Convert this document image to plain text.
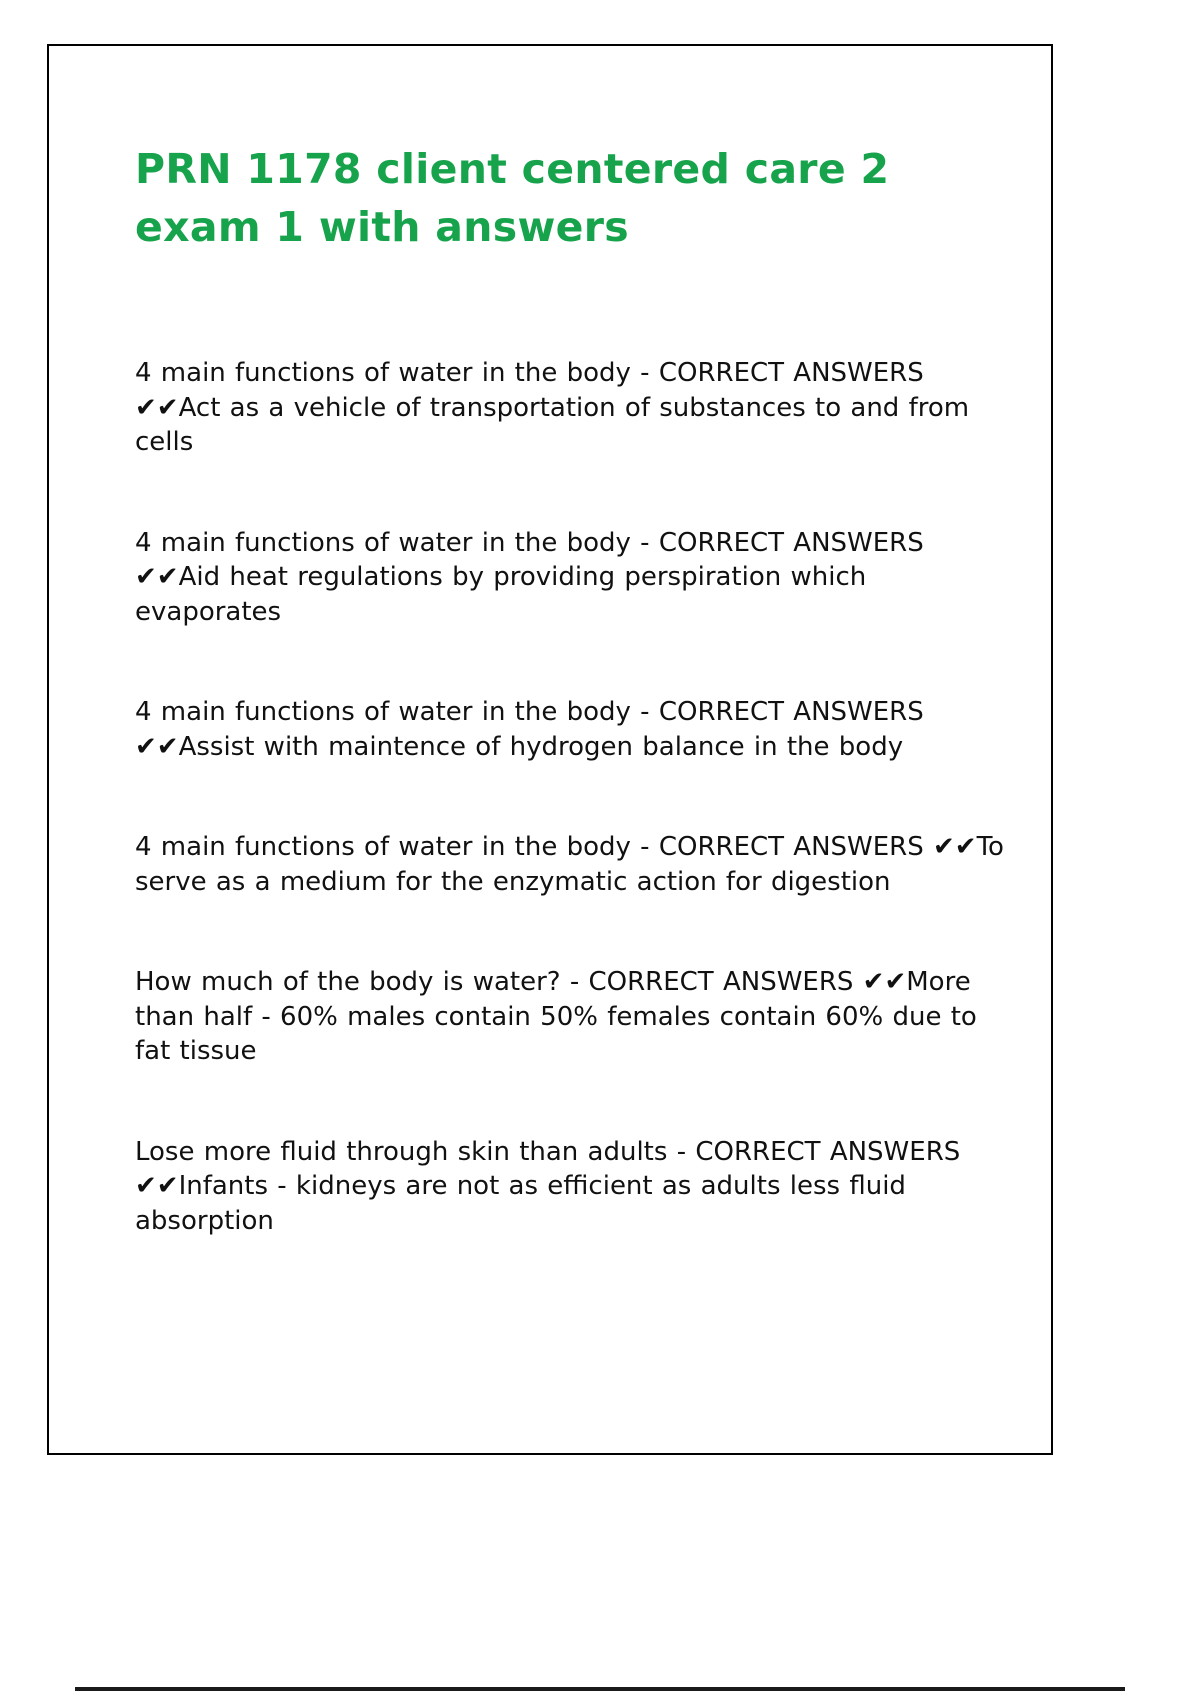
PRN 1178 client centered care 2
exam 1 with answers

4 main functions of water in the body - CORRECT ANSWERS ✔✔Act as a vehicle of transportation of substances to and from cells

4 main functions of water in the body - CORRECT ANSWERS ✔✔Aid heat regulations by providing perspiration which evaporates

4 main functions of water in the body - CORRECT ANSWERS ✔✔Assist with maintence of hydrogen balance in the body

4 main functions of water in the body - CORRECT ANSWERS ✔✔To serve as a medium for the enzymatic action for digestion

How much of the body is water? - CORRECT ANSWERS ✔✔More than half - 60% males contain 50% females contain 60% due to fat tissue

Lose more fluid through skin than adults - CORRECT ANSWERS ✔✔Infants - kidneys are not as efficient as adults less fluid absorption
